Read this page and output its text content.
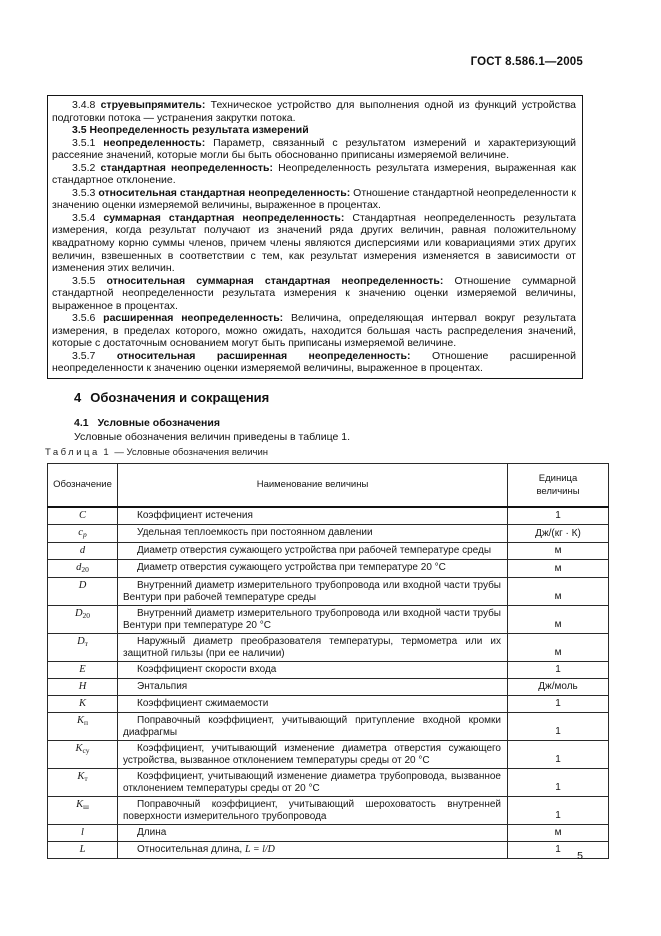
ГОСТ 8.586.1—2005

3.4.8 струевыпрямитель: Техническое устройство для выполнения одной из функций устройства подготовки потока — устранения закрутки потока.

3.5 Неопределенность результата измерений

3.5.1 неопределенность: Параметр, связанный с результатом измерений и характеризующий рассеяние значений, которые могли бы быть обоснованно приписаны измеряемой величине.

3.5.2 стандартная неопределенность: Неопределенность результата измерения, выраженная как стандартное отклонение.

3.5.3 относительная стандартная неопределенность: Отношение стандартной неопределенности к значению оценки измеряемой величины, выраженное в процентах.

3.5.4 суммарная стандартная неопределенность: Стандартная неопределенность результата измерения, когда результат получают из значений ряда других величин, равная положительному квадратному корню суммы членов, причем члены являются дисперсиями или ковариациями этих других величин, взвешенных в соответствии с тем, как результат измерения изменяется в зависимости от изменения этих величин.

3.5.5 относительная суммарная стандартная неопределенность: Отношение суммарной стандартной неопределенности результата измерения к значению оценки измеряемой величины, выраженное в процентах.

3.5.6 расширенная неопределенность: Величина, определяющая интервал вокруг результата измерения, в пределах которого, можно ожидать, находится большая часть распределения значений, которые с достаточным основанием могут быть приписаны измеряемой величине.

3.5.7 относительная расширенная неопределенность: Отношение расширенной неопределенности к значению оценки измеряемой величины, выраженное в процентах.

4 Обозначения и сокращения
4.1 Условные обозначения

Условные обозначения величин приведены в таблице 1.

Таблица 1 — Условные обозначения величин
Обозначение	Наименование величины	Единица величины
C	Коэффициент истечения	1
$c_p$	Удельная теплоемкость при постоянном давлении	Дж/(кг · К)
d	Диаметр отверстия сужающего устройства при рабочей температуре среды	м
$d_{20}$	Диаметр отверстия сужающего устройства при температуре 20 °С	м
D	Внутренний диаметр измерительного трубопровода или входной части трубы Вентури при рабочей температуре среды	м
$D_{20}$	Внутренний диаметр измерительного трубопровода или входной части трубы Вентури при температуре 20 °С	м
$D_т$	Наружный диаметр преобразователя температуры, термометра или их защитной гильзы (при ее наличии)	м
E	Коэффициент скорости входа	1
H	Энтальпия	Дж/моль
K	Коэффициент сжимаемости	1
$K_п$	Поправочный коэффициент, учитывающий притупление входной кромки диафрагмы	1
$K_{су}$	Коэффициент, учитывающий изменение диаметра отверстия сужающего устройства, вызванное отклонением температуры среды от 20 °С	1
$K_т$	Коэффициент, учитывающий изменение диаметра трубопровода, вызванное отклонением температуры среды от 20 °С	1
$K_ш$	Поправочный коэффициент, учитывающий шероховатость внутренней поверхности измерительного трубопровода	1
l	Длина	м
L	Относительная длина, L = l/D	1
5
